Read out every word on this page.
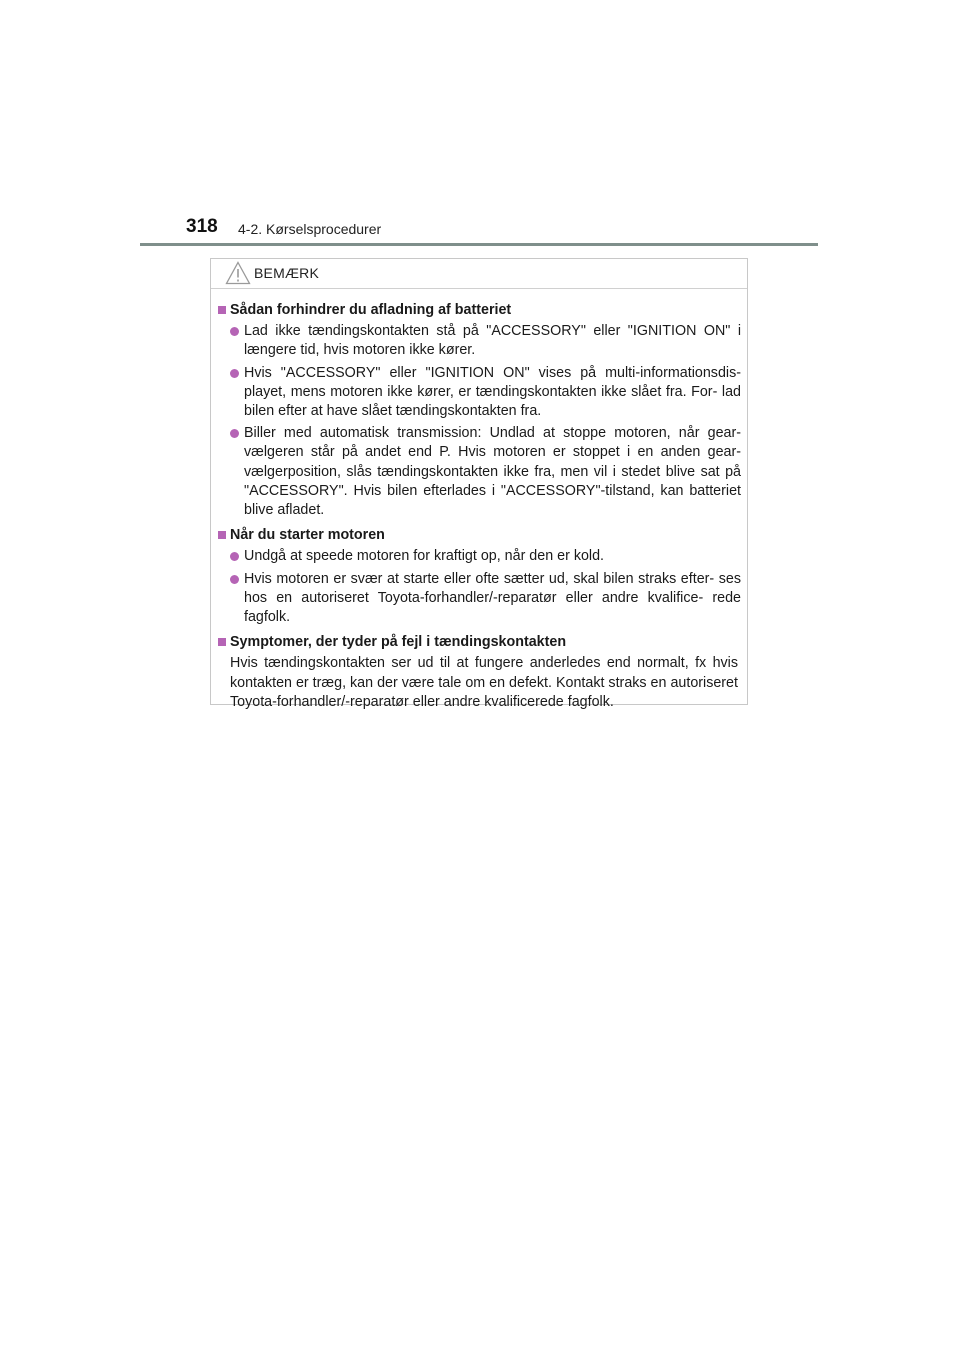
318 4-2. Kørselsprocedurer
BEMÆRK
Sådan forhindrer du afladning af batteriet
Lad ikke tændingskontakten stå på "ACCESSORY" eller "IGNITION ON" i længere tid, hvis motoren ikke kører.
Hvis "ACCESSORY" eller "IGNITION ON" vises på multi-informationsdis- playet, mens motoren ikke kører, er tændingskontakten ikke slået fra. For- lad bilen efter at have slået tændingskontakten fra.
Biller med automatisk transmission: Undlad at stoppe motoren, når gear- vælgeren står på andet end P. Hvis motoren er stoppet i en anden gear- vælgerposition, slås tændingskontakten ikke fra, men vil i stedet blive sat på "ACCESSORY". Hvis bilen efterlades i "ACCESSORY"-tilstand, kan batteriet blive afladet.
Når du starter motoren
Undgå at speede motoren for kraftigt op, når den er kold.
Hvis motoren er svær at starte eller ofte sætter ud, skal bilen straks efter- ses hos en autoriseret Toyota-forhandler/-reparatør eller andre kvalifice- rede fagfolk.
Symptomer, der tyder på fejl i tændingskontakten
Hvis tændingskontakten ser ud til at fungere anderledes end normalt, fx hvis kontakten er træg, kan der være tale om en defekt. Kontakt straks en autoriseret Toyota-forhandler/-reparatør eller andre kvalificerede fagfolk.
